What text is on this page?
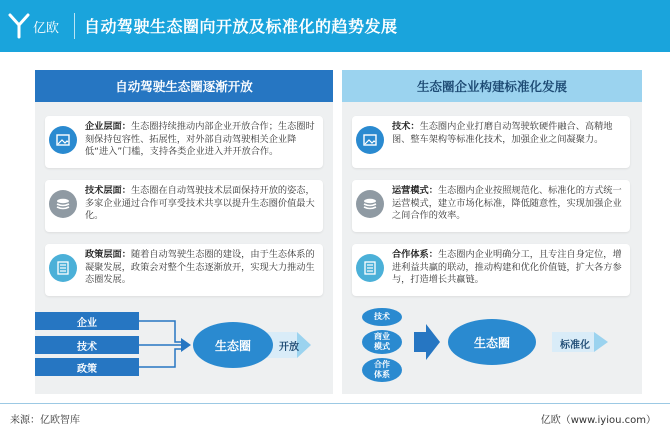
亿欧 自动驾驶生态圈向开放及标准化的趋势发展
自动驾驶生态圈逐渐开放
企业层面：生态圈持续推动内部企业开放合作；生态圈时刻保持包容性、拓展性，对外部自动驾驶相关企业降低“进入”门槛，支持各类企业进入并开放合作。
技术层面：生态圈在自动驾驶技术层面保持开放的姿态，多家企业通过合作可享受技术共享以提升生态圈价值最大化。
政策层面：随着自动驾驶生态圈的建设，由于生态体系的凝聚发展，政策会对整个生态逐渐放开，实现大力推动生态圈发展。
企业
技术
政策
生态圈	开放
生态圈企业构建标准化发展
技术：生态圈内企业打磨自动驾驶软硬件融合、高精地图、整车架构等标准化技术，加强企业之间凝聚力。
运营模式：生态圈内企业按照规范化、标准化的方式统一运营模式，建立市场化标准，降低随意性，实现加强企业之间合作的效率。
合作体系：生态圈内企业明确分工，且专注自身定位，增进利益共赢的联动，推动构建和优化价值链，扩大各方参与，打造增长共赢链。
技术
商业
模式
合作
体系
生态圈	标准化
来源：亿欧智库	亿欧（www.iyiou.com）
